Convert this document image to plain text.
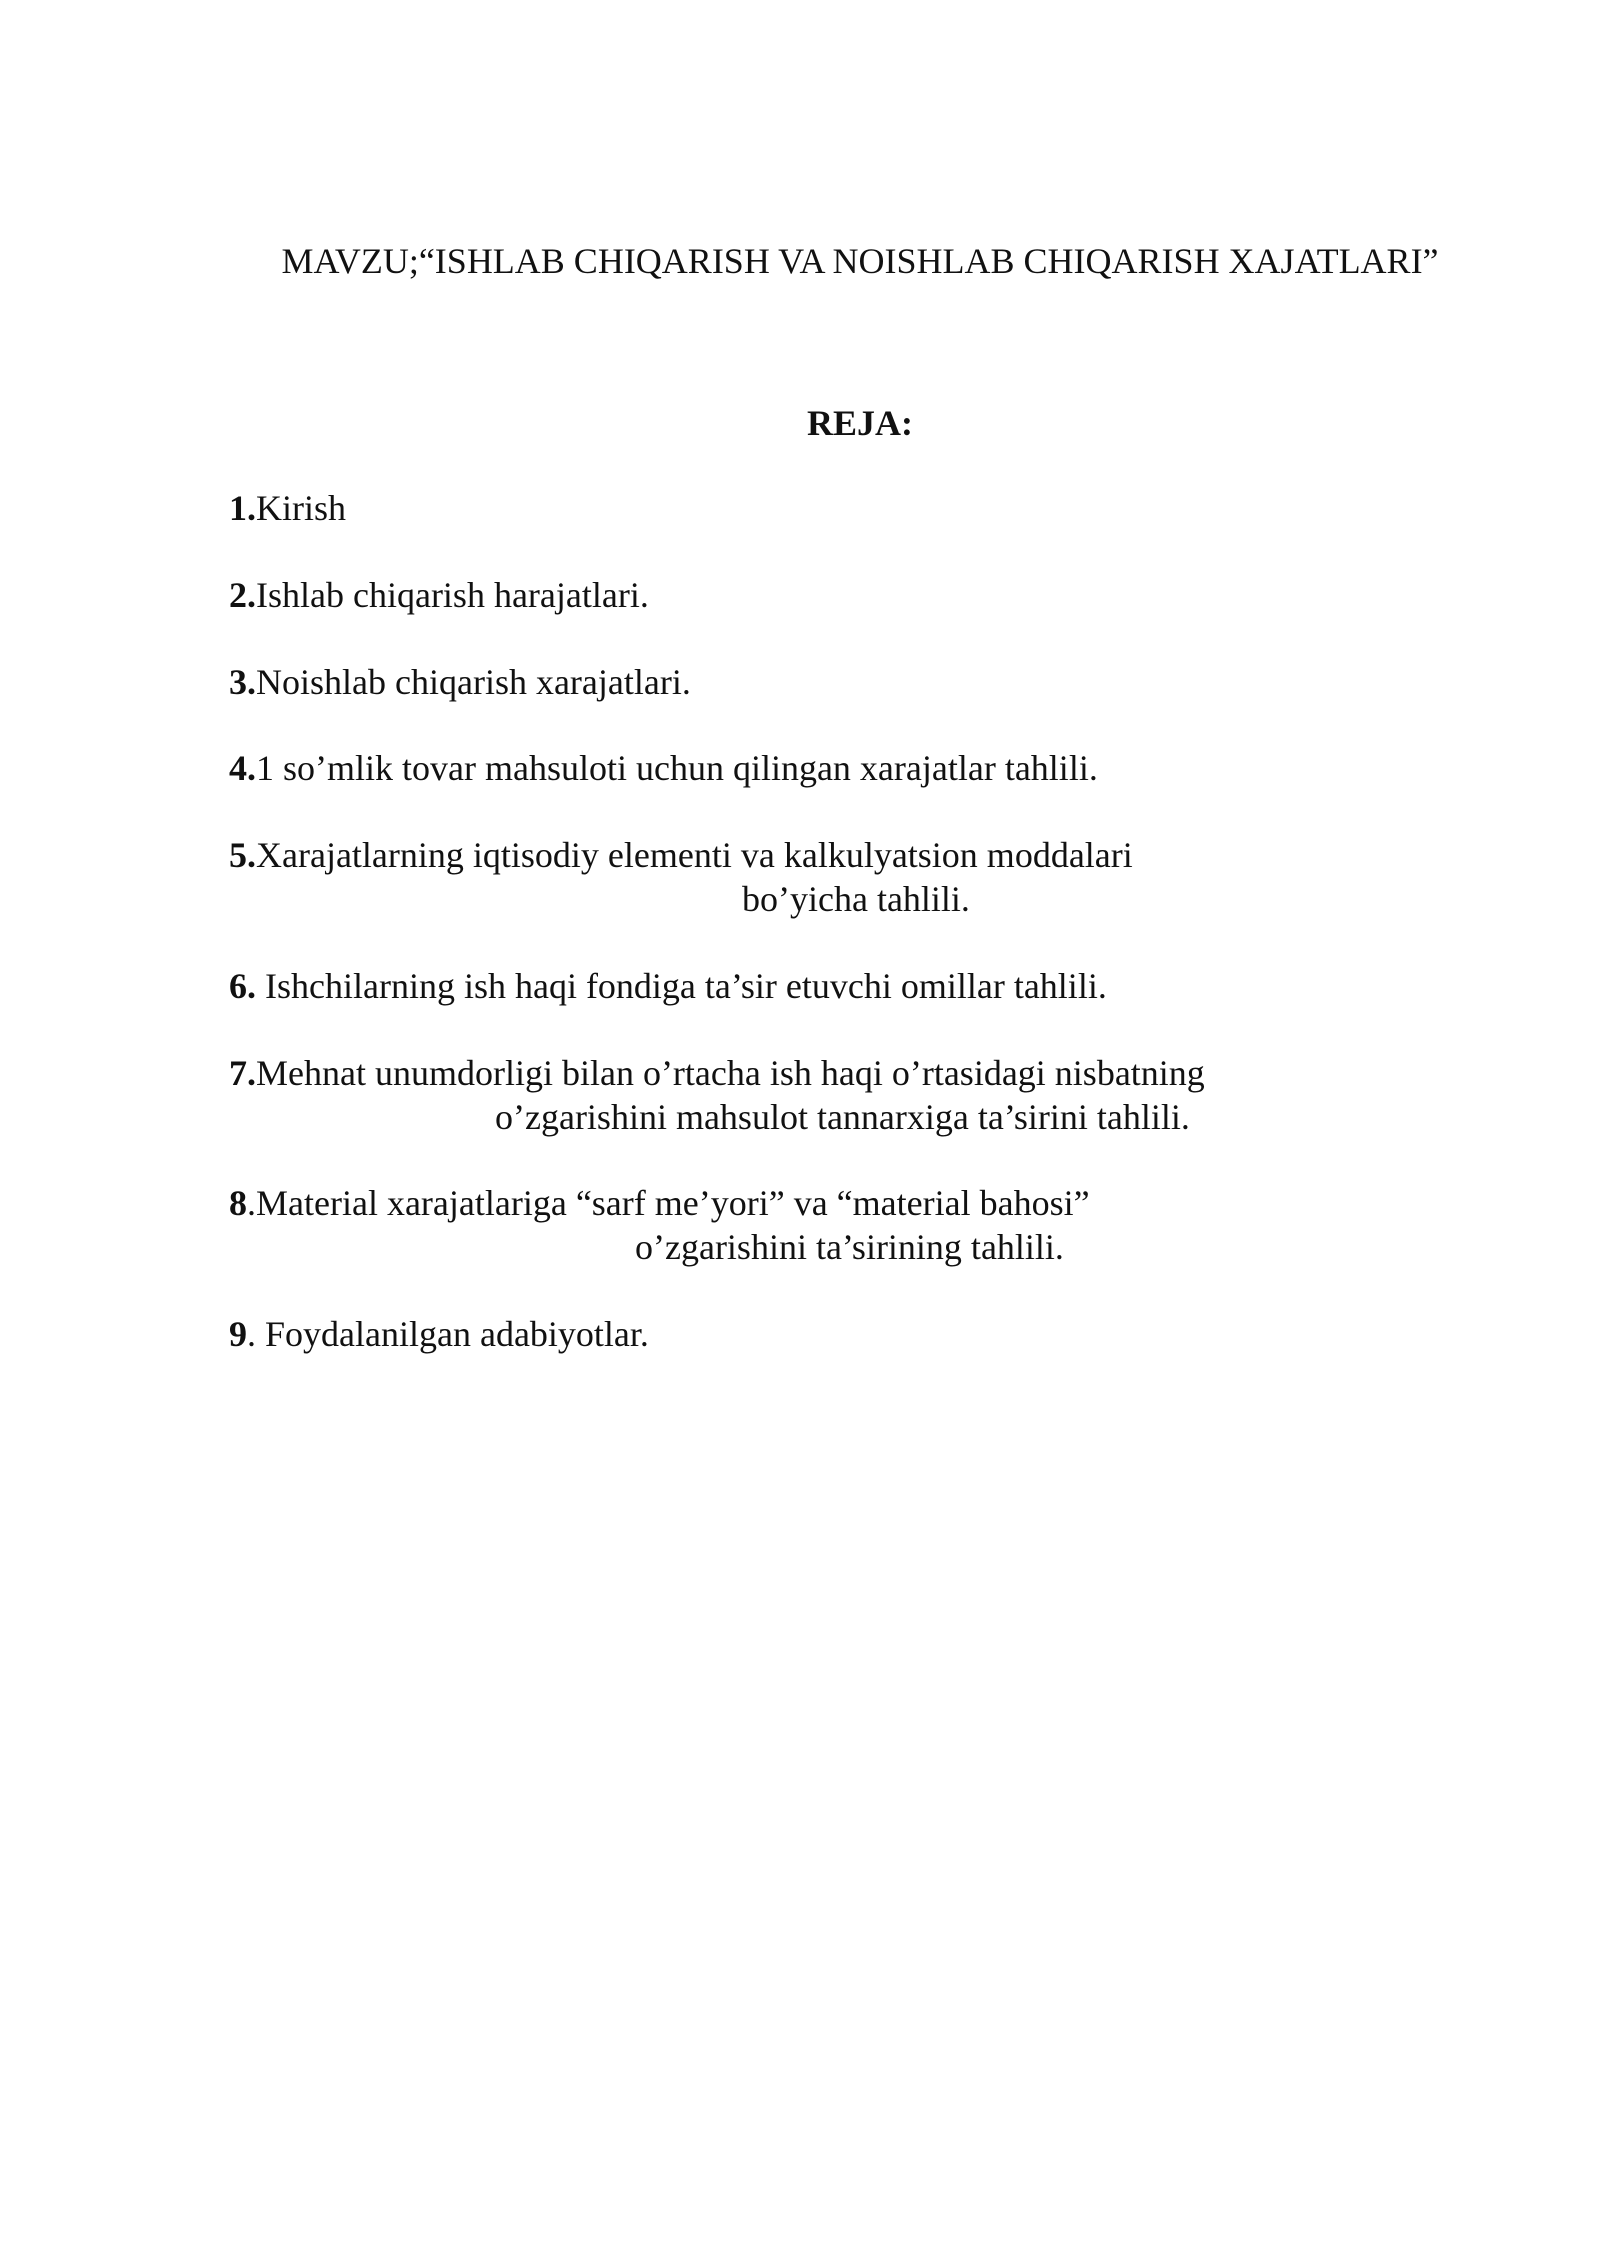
MAVZU;“ISHLAB CHIQARISH VA NOISHLAB CHIQARISH XAJATLARI”
REJA:
1.Kirish
2.Ishlab chiqarish harajatlari.
3.Noishlab chiqarish xarajatlari.
4.1 so’mlik tovar mahsuloti uchun qilingan xarajatlar tahlili.
5.Xarajatlarning iqtisodiy elementi va kalkulyatsion moddalari
bo’yicha tahlili.
6. Ishchilarning ish haqi fondiga ta’sir etuvchi omillar tahlili.
7.Mehnat unumdorligi bilan o’rtacha ish haqi o’rtasidagi nisbatning
o’zgarishini mahsulot tannarxiga ta’sirini tahlili.
8.Material xarajatlariga “sarf me’yori” va “material bahosi”
o’zgarishini ta’sirining tahlili.
9. Foydalanilgan adabiyotlar.
